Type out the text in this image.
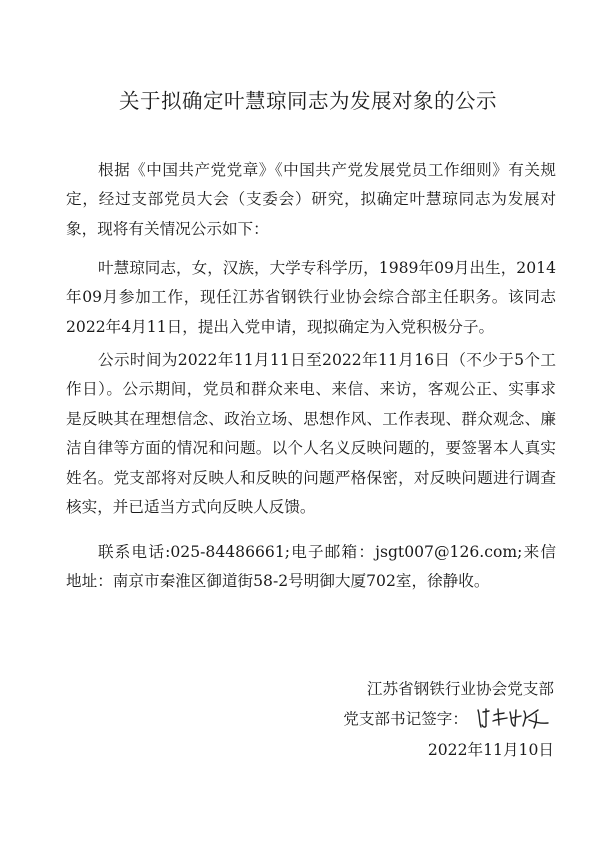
关于拟确定叶慧琼同志为发展对象的公示

根据《中国共产党党章》《中国共产党发展党员工作细则》有关规定，经过支部党员大会（支委会）研究，拟确定叶慧琼同志为发展对象，现将有关情况公示如下：

叶慧琼同志，女，汉族，大学专科学历，1989年09月出生，2014年09月参加工作，现任江苏省钢铁行业协会综合部主任职务。该同志2022年4月11日，提出入党申请，现拟确定为入党积极分子。

公示时间为2022年11月11日至2022年11月16日（不少于5个工作日）。公示期间，党员和群众来电、来信、来访，客观公正、实事求是反映其在理想信念、政治立场、思想作风、工作表现、群众观念、廉洁自律等方面的情况和问题。以个人名义反映问题的，要签署本人真实姓名。党支部将对反映人和反映的问题严格保密，对反映问题进行调查核实，并已适当方式向反映人反馈。

联系电话:025-84486661;电子邮箱：jsgt007@126.com;来信地址：南京市秦淮区御道街58-2号明御大厦702室，徐静收。

江苏省钢铁行业协会党支部
党支部书记签字：
2022年11月10日
